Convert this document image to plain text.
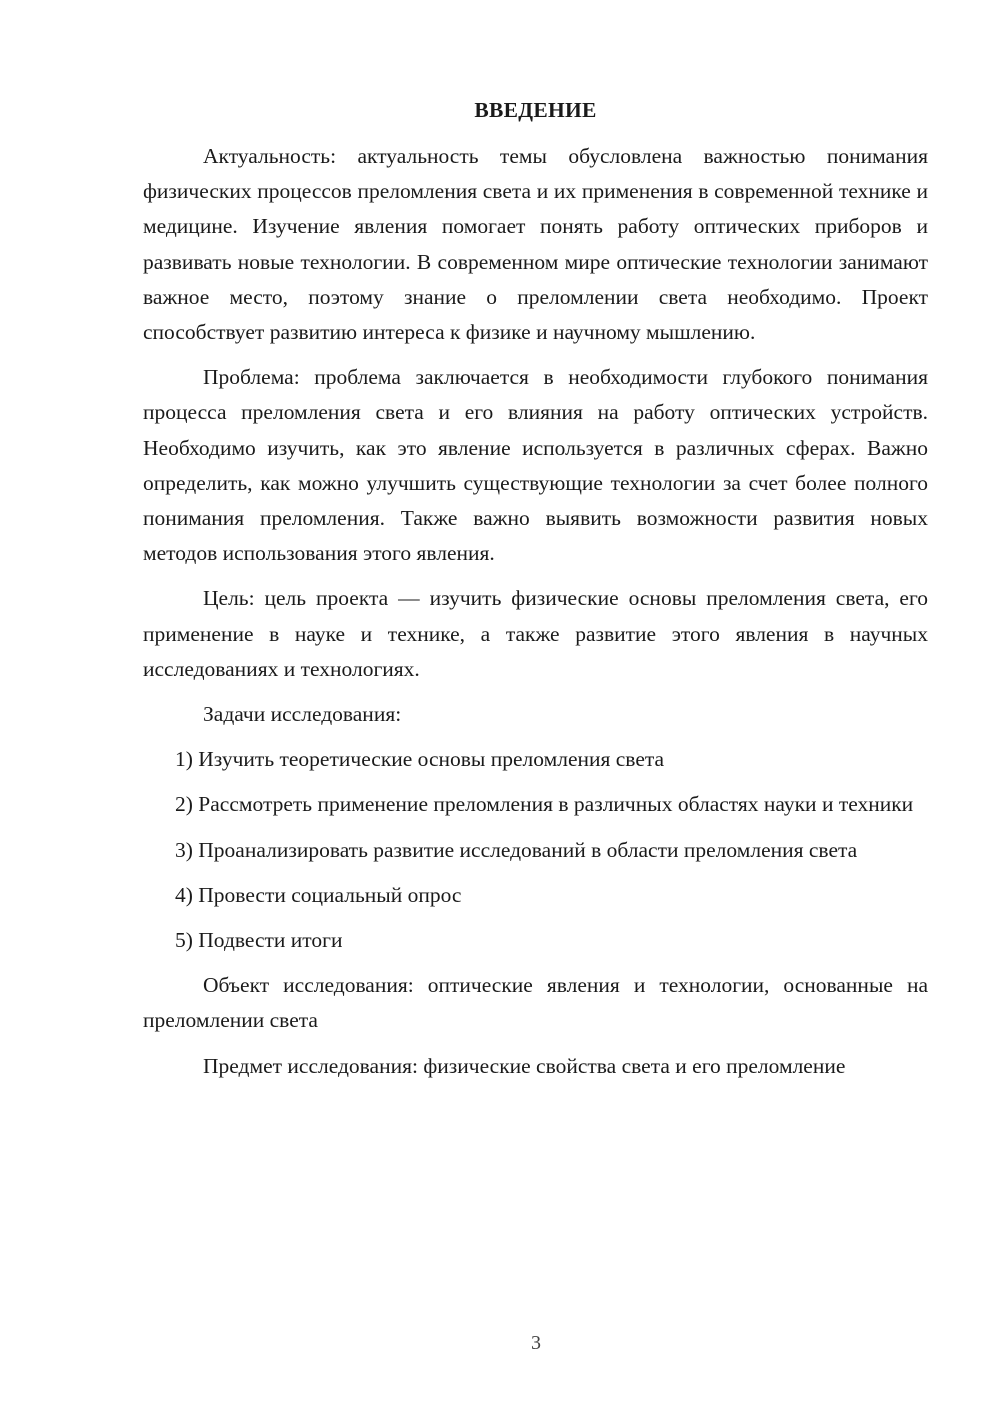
ВВЕДЕНИЕ

Актуальность: актуальность темы обусловлена важностью понимания физических процессов преломления света и их применения в современной технике и медицине. Изучение явления помогает понять работу оптических приборов и развивать новые технологии. В современном мире оптические технологии занимают важное место, поэтому знание о преломлении света необходимо. Проект способствует развитию интереса к физике и научному мышлению.

Проблема: проблема заключается в необходимости глубокого понимания процесса преломления света и его влияния на работу оптических устройств. Необходимо изучить, как это явление используется в различных сферах. Важно определить, как можно улучшить существующие технологии за счет более полного понимания преломления. Также важно выявить возможности развития новых методов использования этого явления.

Цель: цель проекта — изучить физические основы преломления света, его применение в науке и технике, а также развитие этого явления в научных исследованиях и технологиях.

Задачи исследования:

1) Изучить теоретические основы преломления света

2) Рассмотреть применение преломления в различных областях науки и техники

3) Проанализировать развитие исследований в области преломления света

4) Провести социальный опрос

5) Подвести итоги

Объект исследования: оптические явления и технологии, основанные на преломлении света

Предмет исследования: физические свойства света и его преломление

3
